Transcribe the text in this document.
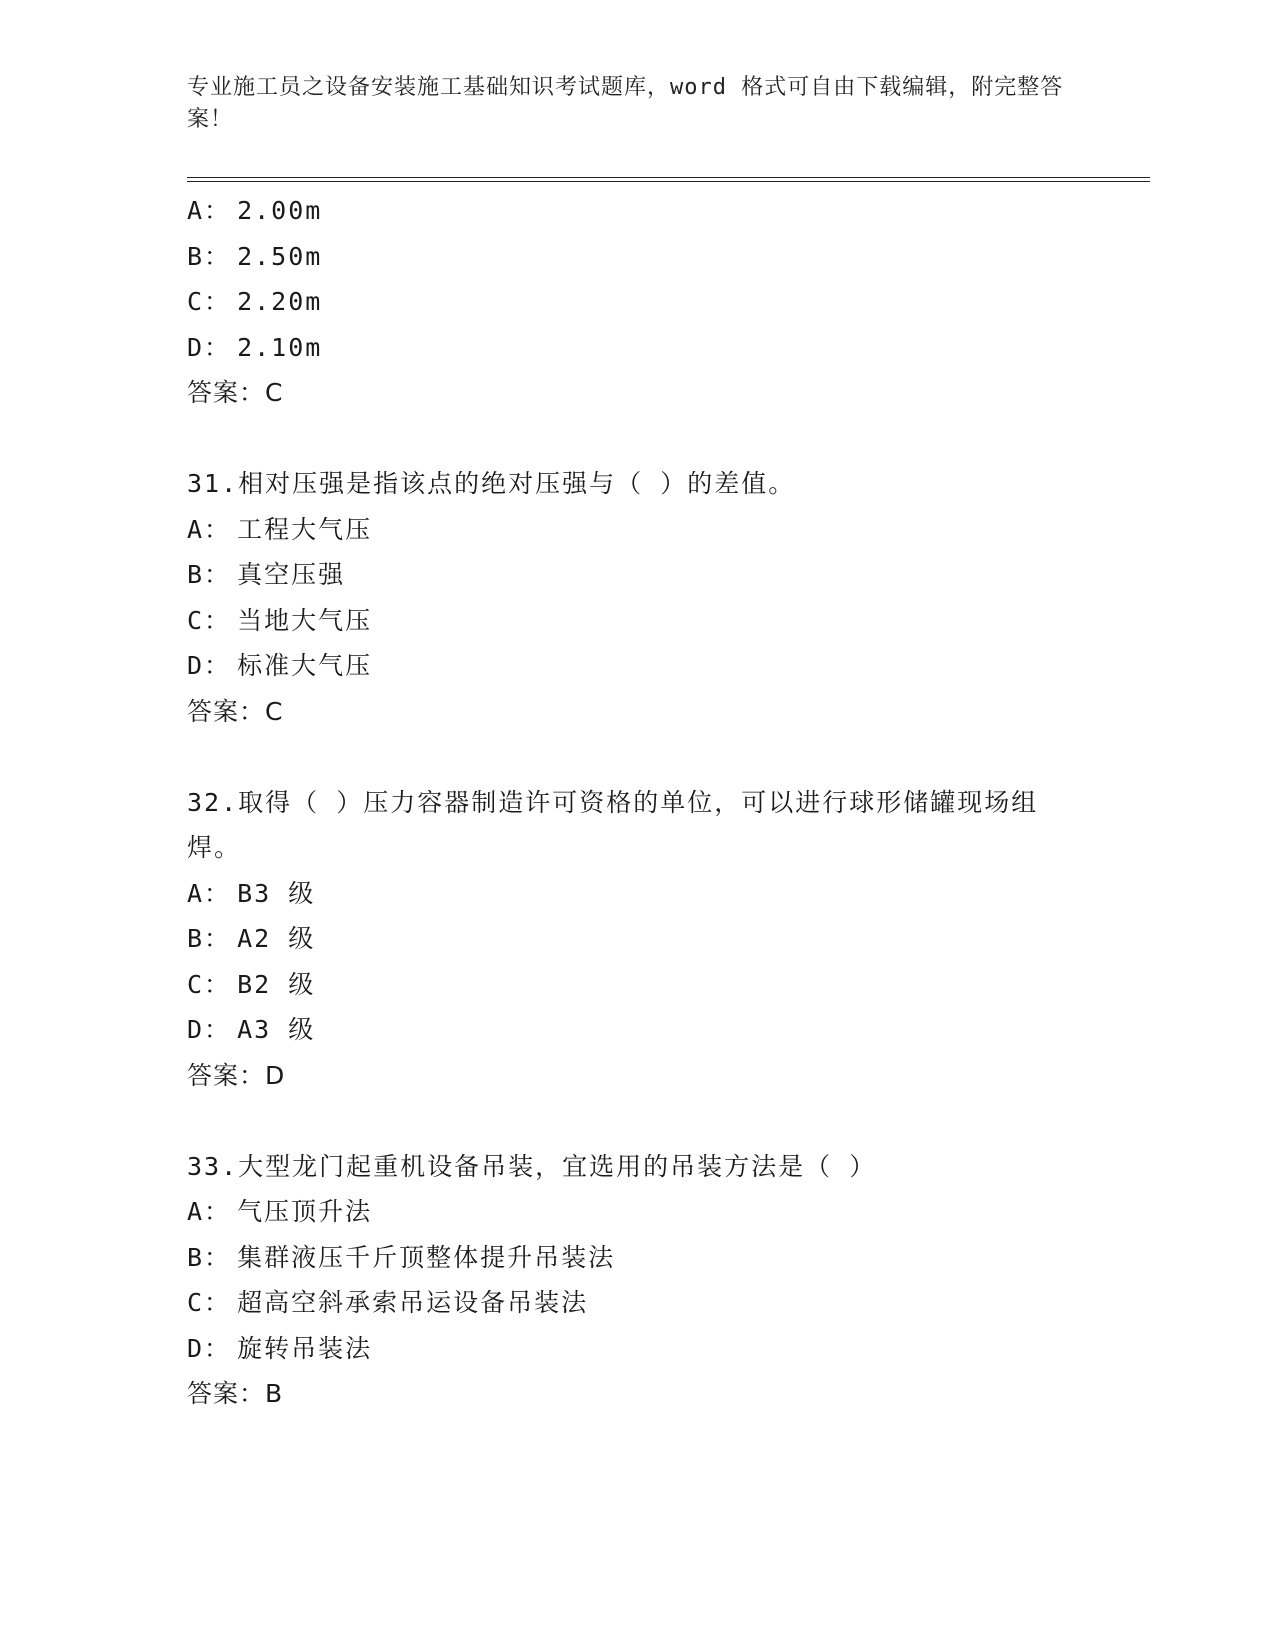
专业施工员之设备安装施工基础知识考试题库，word 格式可自由下载编辑，附完整答案！
A： 2.00m
B： 2.50m
C： 2.20m
D： 2.10m
答案：C
31.相对压强是指该点的绝对压强与（ ）的差值。
A： 工程大气压
B： 真空压强
C： 当地大气压
D： 标准大气压
答案：C
32.取得（ ）压力容器制造许可资格的单位，可以进行球形储罐现场组焊。
A： B3 级
B： A2 级
C： B2 级
D： A3 级
答案：D
33.大型龙门起重机设备吊装，宜选用的吊装方法是（ ）
A： 气压顶升法
B： 集群液压千斤顶整体提升吊装法
C： 超高空斜承索吊运设备吊装法
D： 旋转吊装法
答案：B
